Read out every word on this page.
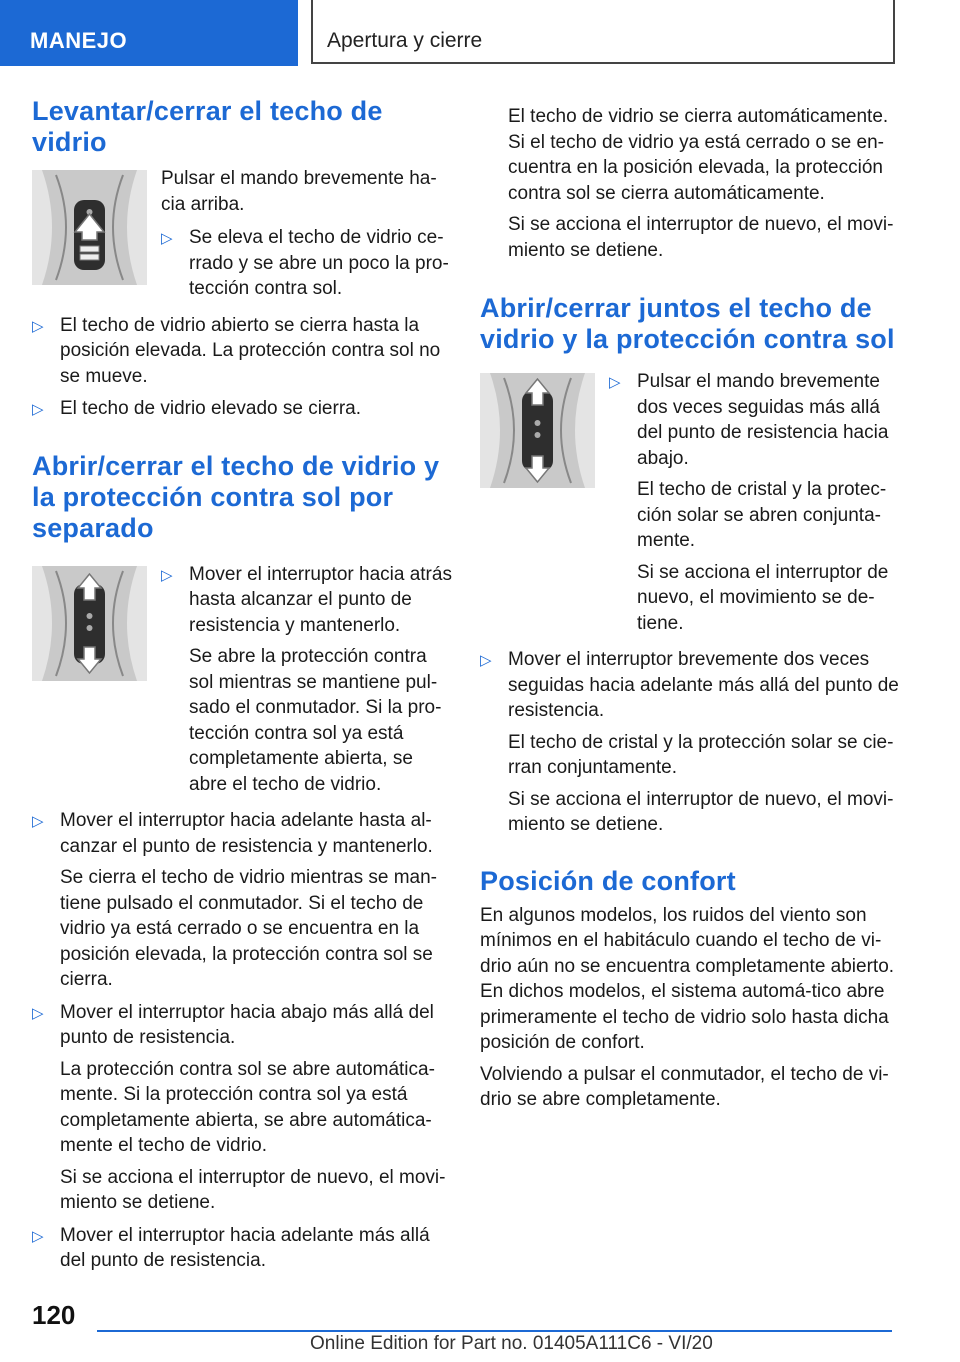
MANEJO	Apertura y cierre
Levantar/cerrar el techo de vidrio

Pulsar el mando brevemente ha‐cia arriba.

▷ Se eleva el techo de vidrio ce‐rrado y se abre un poco la pro‐tección contra sol.

▷ El techo de vidrio abierto se cierra hasta la posición elevada. La protección contra sol no se mueve.

▷ El techo de vidrio elevado se cierra.

Abrir/cerrar el techo de vidrio y la protección contra sol por separado
▷ Mover el interruptor hacia atrás hasta alcanzar el punto de resistencia y mantenerlo.

Se abre la protección contra sol mientras se mantiene pul‐sado el conmutador. Si la pro‐tección contra sol ya está completamente abierta, se abre el techo de vidrio.

▷ Mover el interruptor hacia adelante hasta al‐canzar el punto de resistencia y mantenerlo.

Se cierra el techo de vidrio mientras se man‐tiene pulsado el conmutador. Si el techo de vidrio ya está cerrado o se encuentra en la posición elevada, la protección contra sol se cierra.

▷ Mover el interruptor hacia abajo más allá del punto de resistencia.

La protección contra sol se abre automática‐mente. Si la protección contra sol ya está completamente abierta, se abre automática‐mente el techo de vidrio.

Si se acciona el interruptor de nuevo, el movi‐miento se detiene.

▷ Mover el interruptor hacia adelante más allá del punto de resistencia.

El techo de vidrio se cierra automáticamente. Si el techo de vidrio ya está cerrado o se en‐cuentra en la posición elevada, la protección contra sol se cierra automáticamente.

Si se acciona el interruptor de nuevo, el movi‐miento se detiene.

Abrir/cerrar juntos el techo de vidrio y la protección contra sol
▷ Pulsar el mando brevemente dos veces seguidas más allá del punto de resistencia hacia abajo.

El techo de cristal y la protec‐ción solar se abren conjunta‐mente.

Si se acciona el interruptor de nuevo, el movimiento se de‐tiene.

▷ Mover el interruptor brevemente dos veces seguidas hacia adelante más allá del punto de resistencia.

El techo de cristal y la protección solar se cie‐rran conjuntamente.

Si se acciona el interruptor de nuevo, el movi‐miento se detiene.

Posición de confort

En algunos modelos, los ruidos del viento son mínimos en el habitáculo cuando el techo de vi‐drio aún no se encuentra completamente abierto. En dichos modelos, el sistema automá‐tico abre primeramente el techo de vidrio solo hasta dicha posición de confort.

Volviendo a pulsar el conmutador, el techo de vi‐drio se abre completamente.

120
Online Edition for Part no. 01405A111C6 - VI/20
